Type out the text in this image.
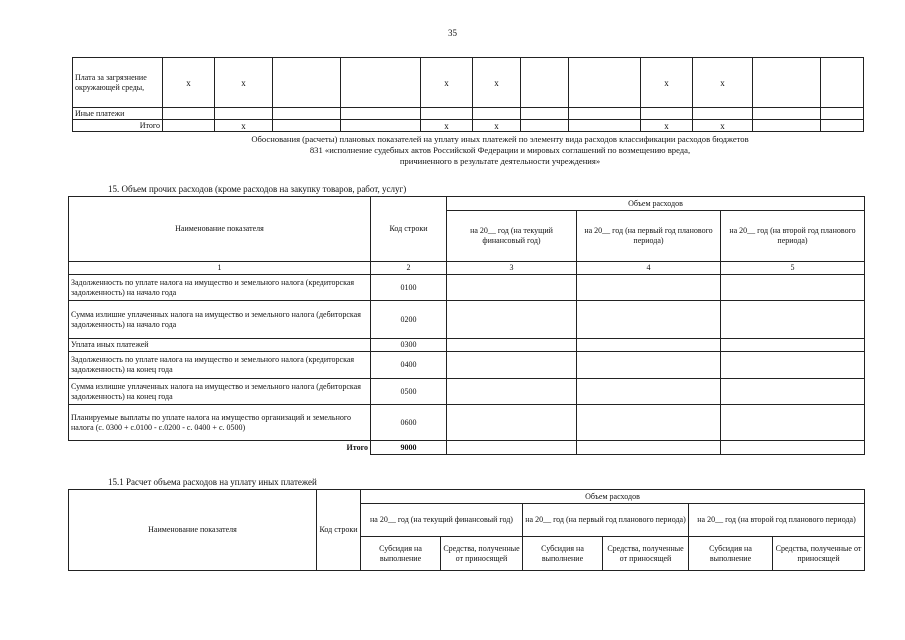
35
Плата за загрязнение окружающей среды,	x	x			x	x			x	x		
Иные платежи												
Итого		x			x	x			x	x		
Обоснования (расчеты) плановых показателей на уплату иных платежей по элементу вида расходов классификации расходов бюджетов
831 «исполнение судебных актов Российской Федерации и мировых соглашений по возмещению вреда,
причиненного в результате деятельности учреждения»
15. Объем прочих расходов (кроме расходов на закупку товаров, работ, услуг)
Наименование показателя	Код строки	Объем расходов		
		на 20__ год (на текущий финансовый год)	на 20__ год (на первый год планового периода)	на 20__ год (на второй год планового периода)
1	2	3	4	5
Задолженность по уплате налога на имущество и земельного налога (кредиторская задолженность) на начало года	0100			
Сумма излишне уплаченных налога на имущество и земельного налога (дебиторская задолженность) на начало года	0200			
Уплата иных платежей	0300			
Задолженность по уплате налога на имущество и земельного налога (кредиторская задолженность) на конец года	0400			
Сумма излишне уплаченных налога на имущество и земельного налога (дебиторская задолженность) на конец года	0500			
Планируемые выплаты по уплате налога на имущество организаций и земельного налога (с. 0300 + с.0100 - с.0200 - с. 0400 + с. 0500)	0600			
Итого	9000			
15.1 Расчет объема расходов на уплату иных платежей
Наименование показателя	Код строки	Объем расходов					
		на 20__ год (на текущий финансовый год)		на 20__ год (на первый год планового периода)		на 20__ год (на второй год планового периода)	
		Субсидия на выполнение	Средства, полученные от приносящей	Субсидия на выполнение	Средства, полученные от приносящей	Субсидия на выполнение	Средства, полученные от приносящей
